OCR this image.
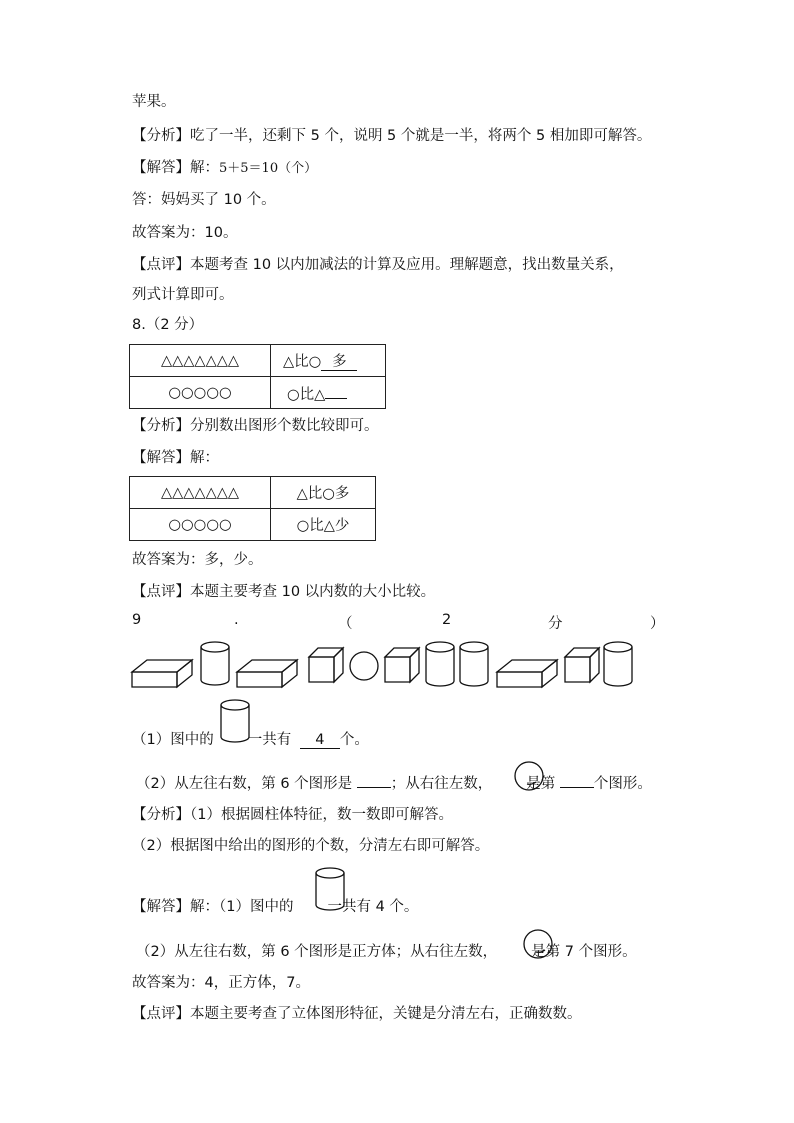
苹果。
【分析】吃了一半，还剩下 5 个，说明 5 个就是一半，将两个 5 相加即可解答。
【解答】解：5＋5＝10（个）
答：妈妈买了 10 个。
故答案为：10。
【点评】本题考查 10 以内加减法的计算及应用。理解题意，找出数量关系，
列式计算即可。
8.（2 分）
△△△△△△△	△比○ 多
○○○○○	○比△
【分析】分别数出图形个数比较即可。
【解答】解：
△△△△△△△	△比○多
○○○○○	○比△少
故答案为：多，少。
【点评】本题主要考查 10 以内数的大小比较。
9	.	（	2	分	）
（1）图中的 一共有 4 个。
（2）从左往右数，第 6 个图形是	；从右往左数， 是第	个图形。
【分析】（1）根据圆柱体特征，数一数即可解答。
（2）根据图中给出的图形的个数，分清左右即可解答。
【解答】解：（1）图中的 一共有 4 个。
（2）从左往右数，第 6 个图形是正方体；从右往左数， 是第 7 个图形。
故答案为：4，正方体，7。
【点评】本题主要考查了立体图形特征，关键是分清左右，正确数数。
